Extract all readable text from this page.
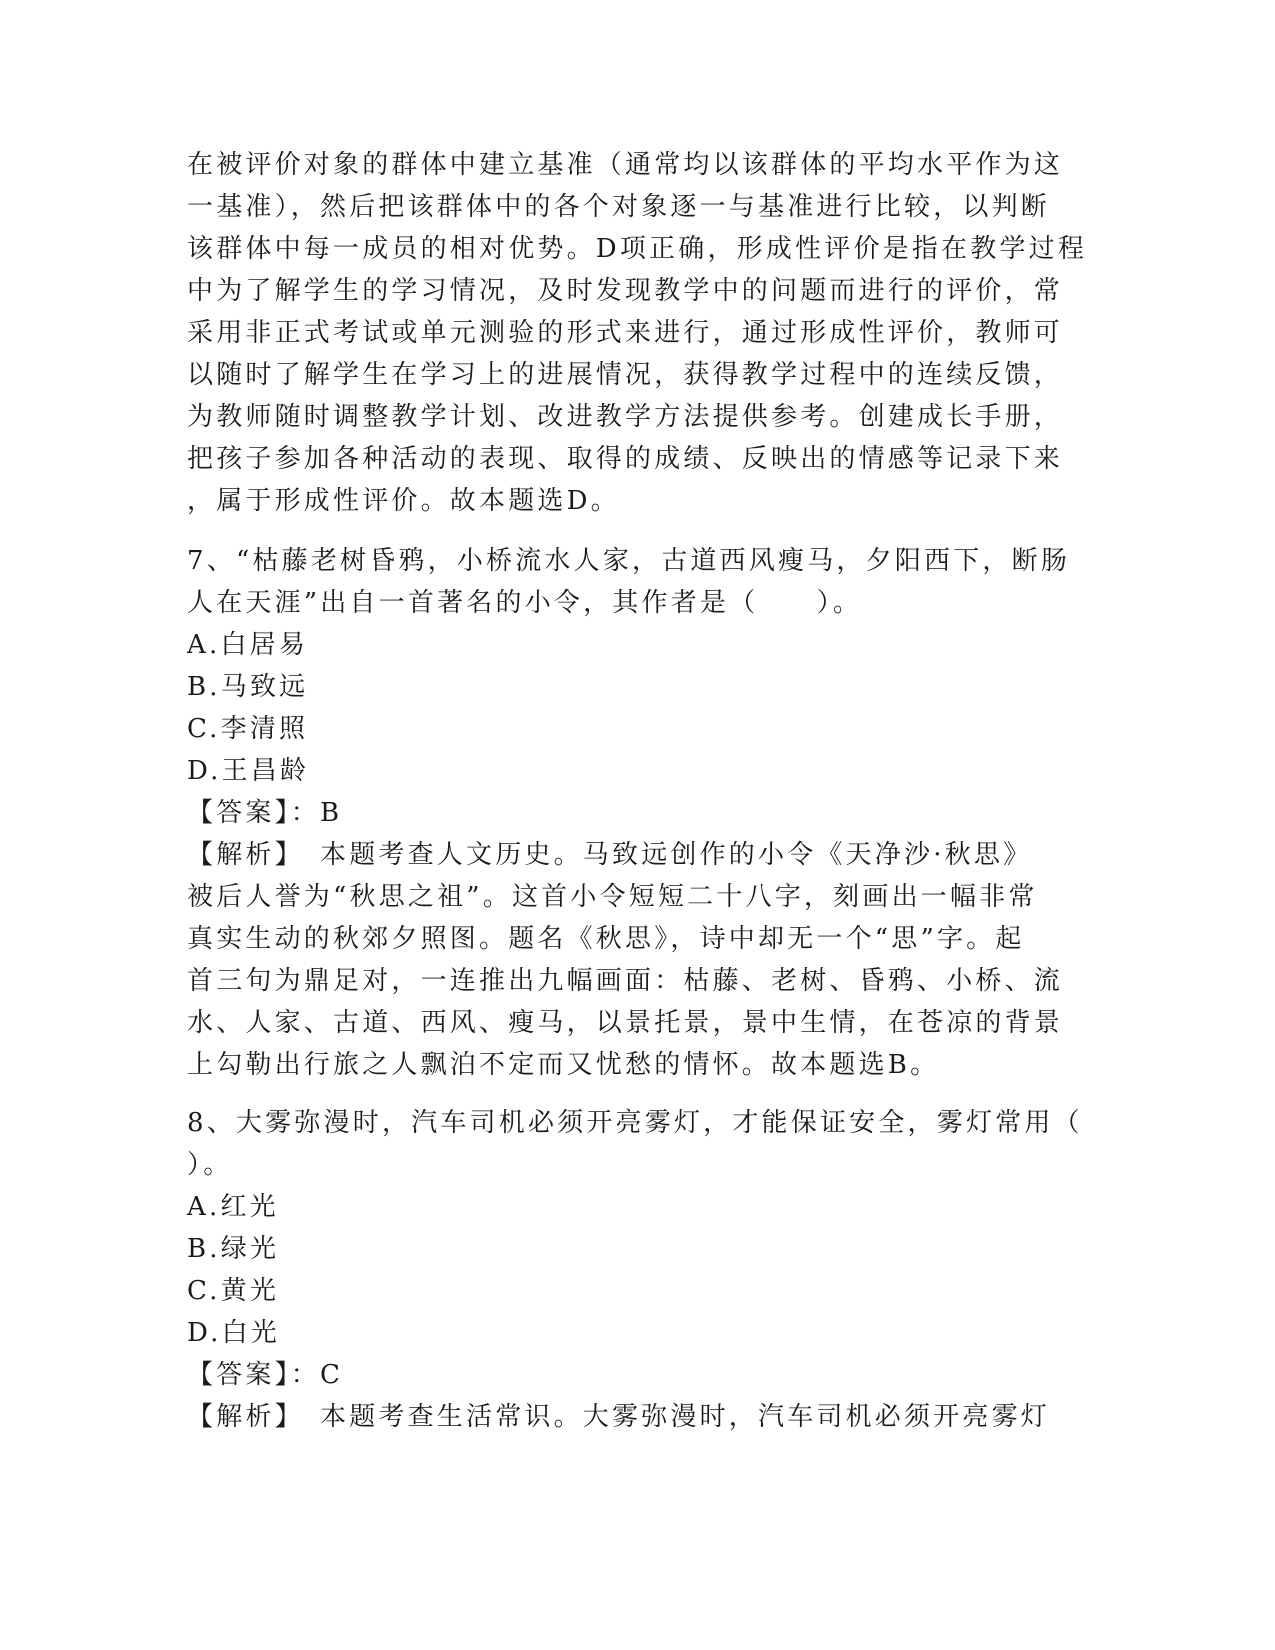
在被评价对象的群体中建立基准（通常均以该群体的平均水平作为这
一基准），然后把该群体中的各个对象逐一与基准进行比较，以判断
该群体中每一成员的相对优势。D项正确，形成性评价是指在教学过程
中为了解学生的学习情况，及时发现教学中的问题而进行的评价，常
采用非正式考试或单元测验的形式来进行，通过形成性评价，教师可
以随时了解学生在学习上的进展情况，获得教学过程中的连续反馈，
为教师随时调整教学计划、改进教学方法提供参考。创建成长手册，
把孩子参加各种活动的表现、取得的成绩、反映出的情感等记录下来
，属于形成性评价。故本题选D。
7、“枯藤老树昏鸦，小桥流水人家，古道西风瘦马，夕阳西下，断肠
人在天涯”出自一首著名的小令，其作者是（　　）。
A.白居易
B.马致远
C.李清照
D.王昌龄
【答案】：B
【解析】　本题考查人文历史。马致远创作的小令《天净沙·秋思》
被后人誉为“秋思之祖”。这首小令短短二十八字，刻画出一幅非常
真实生动的秋郊夕照图。题名《秋思》，诗中却无一个“思”字。起
首三句为鼎足对，一连推出九幅画面：枯藤、老树、昏鸦、小桥、流
水、人家、古道、西风、瘦马，以景托景，景中生情，在苍凉的背景
上勾勒出行旅之人飘泊不定而又忧愁的情怀。故本题选B。
8、大雾弥漫时，汽车司机必须开亮雾灯，才能保证安全，雾灯常用（
）。
A.红光
B.绿光
C.黄光
D.白光
【答案】：C
【解析】　本题考查生活常识。大雾弥漫时，汽车司机必须开亮雾灯
